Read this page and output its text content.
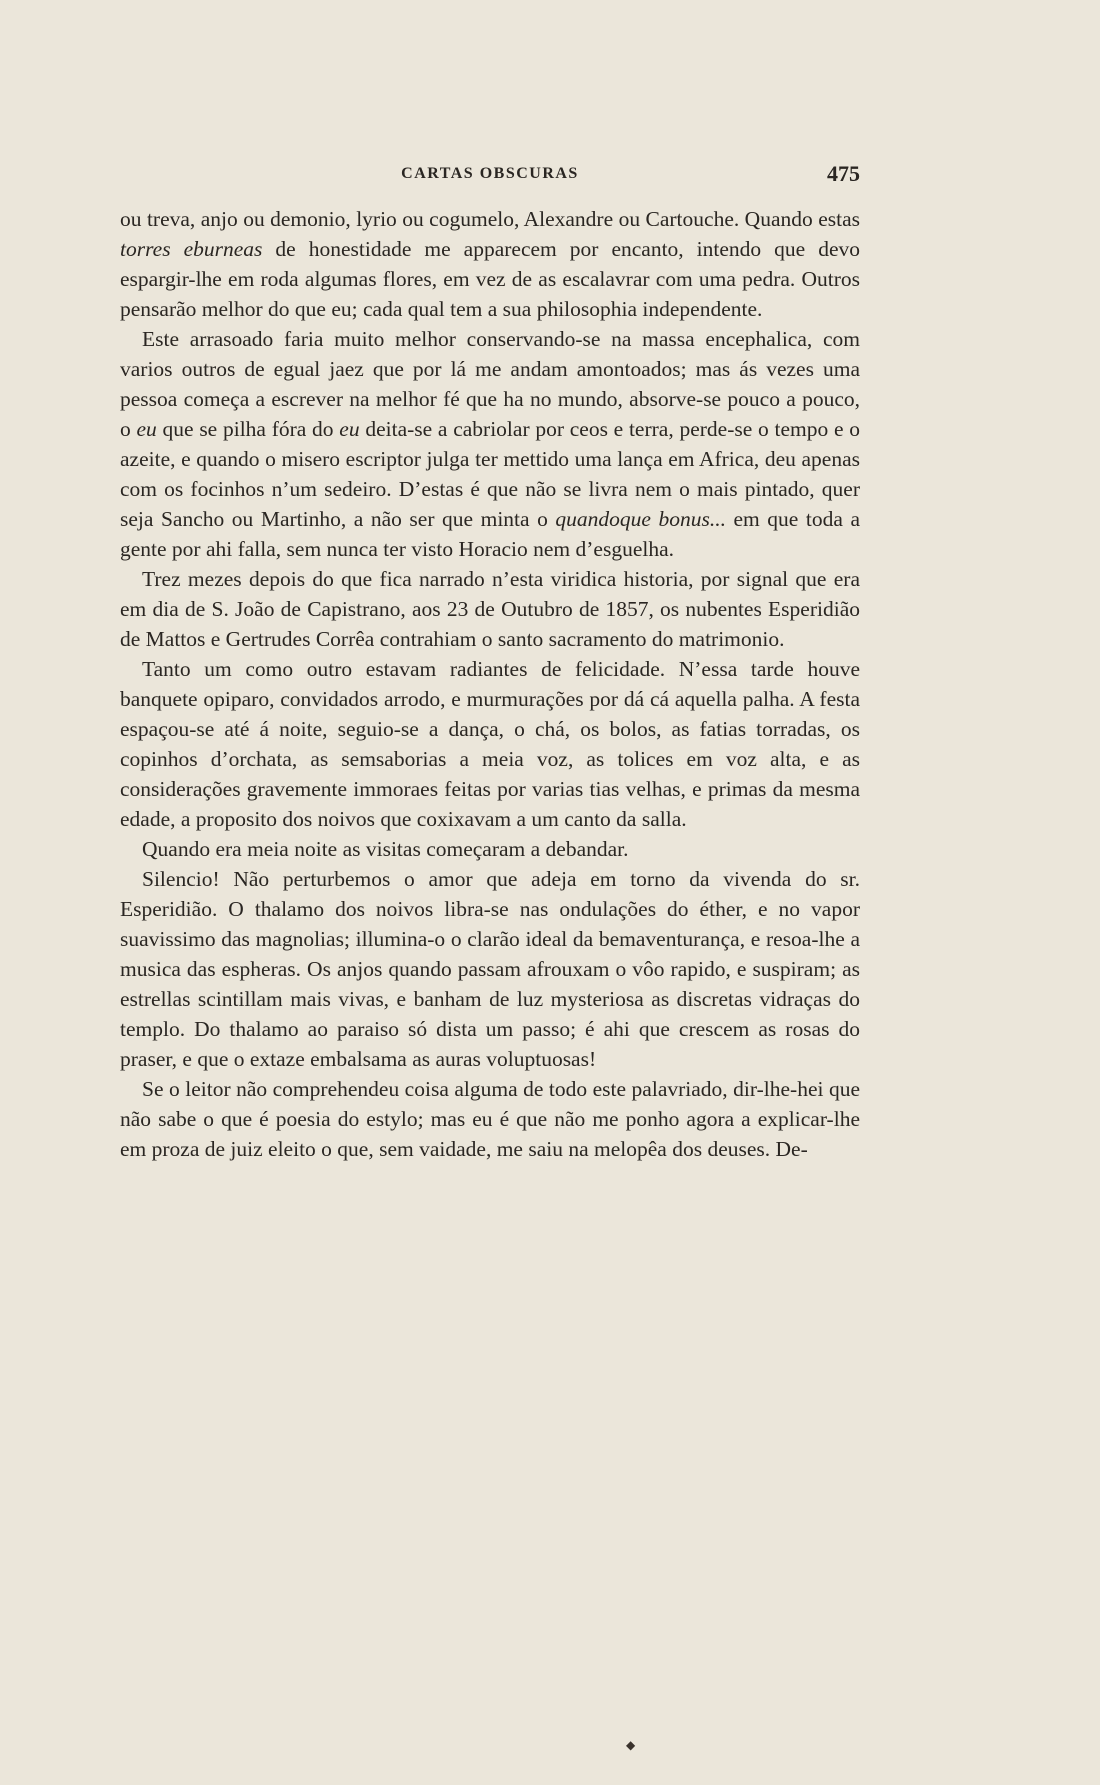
CARTAS OBSCURAS	475

ou treva, anjo ou demonio, lyrio ou cogumelo, Alexandre ou Cartouche. Quando estas torres eburneas de honestidade me apparecem por encanto, intendo que devo espargir-lhe em roda algumas flores, em vez de as escalavrar com uma pedra. Outros pensarão melhor do que eu; cada qual tem a sua philosophia independente.

Este arrasoado faria muito melhor conservando-se na massa encephalica, com varios outros de egual jaez que por lá me andam amontoados; mas ás vezes uma pessoa começa a escrever na melhor fé que ha no mundo, absorve-se pouco a pouco, o eu que se pilha fóra do eu deita-se a cabriolar por ceos e terra, perde-se o tempo e o azeite, e quando o misero escriptor julga ter mettido uma lança em Africa, deu apenas com os focinhos n’um sedeiro. D’estas é que não se livra nem o mais pintado, quer seja Sancho ou Martinho, a não ser que minta o quandoque bonus... em que toda a gente por ahi falla, sem nunca ter visto Horacio nem d’esguelha.

Trez mezes depois do que fica narrado n’esta viridica historia, por signal que era em dia de S. João de Capistrano, aos 23 de Outubro de 1857, os nubentes Esperidião de Mattos e Gertrudes Corrêa contrahiam o santo sacramento do matrimonio.

Tanto um como outro estavam radiantes de felicidade. N’essa tarde houve banquete opiparo, convidados arrodo, e murmurações por dá cá aquella palha. A festa espaçou-se até á noite, seguio-se a dança, o chá, os bolos, as fatias torradas, os copinhos d’orchata, as semsaborias a meia voz, as tolices em voz alta, e as considerações gravemente immoraes feitas por varias tias velhas, e primas da mesma edade, a proposito dos noivos que coxixavam a um canto da salla.

Quando era meia noite as visitas começaram a debandar.

Silencio! Não perturbemos o amor que adeja em torno da vivenda do sr. Esperidião. O thalamo dos noivos libra-se nas ondulações do éther, e no vapor suavissimo das magnolias; illumina-o o clarão ideal da bemaventurança, e resoa-lhe a musica das espheras. Os anjos quando passam afrouxam o vôo rapido, e suspiram; as estrellas scintillam mais vivas, e banham de luz mysteriosa as discretas vidraças do templo. Do thalamo ao paraiso só dista um passo; é ahi que crescem as rosas do praser, e que o extaze embalsama as auras voluptuosas!

Se o leitor não comprehendeu coisa alguma de todo este palavriado, dir-lhe-hei que não sabe o que é poesia do estylo; mas eu é que não me ponho agora a explicar-lhe em proza de juiz eleito o que, sem vaidade, me saiu na melopêa dos deuses. De-

◆
